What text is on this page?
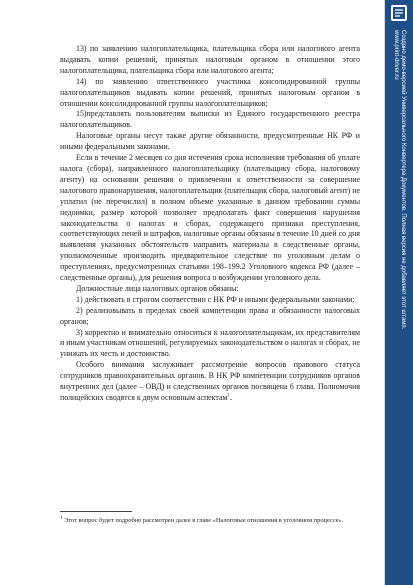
13) по заявлению налогоплательщика, плательщика сбора или налогового агента выдавать копии решений, принятых налоговым органом в отношении этого налогоплательщика, плательщика сбора или налогового агента;

14) по заявлению ответственного участника консолидированной группы налогоплательщиков выдавать копии решений, принятых налоговым органом в отношении консолидированной группы налогоплательщиков;

15)представлять пользователям выписки из Единого государственного реестра налогоплательщиков.

Налоговые органы несут также другие обязанности, предусмотренные НК РФ и иными федеральными законами.

Если в течение 2 месяцев со дня истечения срока исполнения требования об уплате налога (сбора), направленного налогоплательщику (плательщику сбора, налоговому агенту) на основании решения о привлечении к ответственности за совершение налогового правонарушения, налогоплательщик (плательщик сбора, налоговый агент) не уплатил (не перечислил) в полном объеме указанные в данном требовании суммы недоимки, размер которой позволяет предполагать факт совершения нарушения законодательства о налогах и сборах, содержащего признаки преступления, соответствующих пеней и штрафов, налоговые органы обязаны в течение 10 дней со дня выявления указанных обстоятельств направить материалы в следственные органы, уполномоченные производить предварительное следствие по уголовным делам о преступлениях, предусмотренных статьями 198–199.2 Уголовного кодекса РФ (далее – следственные органы), для решения вопроса о возбуждении уголовного дела.

Должностные лица налоговых органов обязаны:

1) действовать в строгом соответствии с НК РФ и иными федеральными законами;

2) реализовывать в пределах своей компетенции права и обязанности налоговых органов;

3) корректно и внимательно относиться к налогоплательщикам, их представителям и иным участникам отношений, регулируемых законодательством о налогах и сборах, не унижать их честь и достоинство.

Особого внимания заслуживает рассмотрение вопросов правового статуса сотрудников правоохранительных органов. В НК РФ компетенции сотрудников органов внутренних дел (далее – ОВД) и следственных органов посвящена 6 глава. Полномочия полицейских сводятся к двум основным аспектам$^1$.

$^1$ Этот вопрос будет подробно рассмотрен далее в главе «Налоговые отношения в уголовном процессе».
Создано демо-версией Универсального Конвертера Документов. Полная версия не добавляет этот штамп.
www.print-driver.ru
